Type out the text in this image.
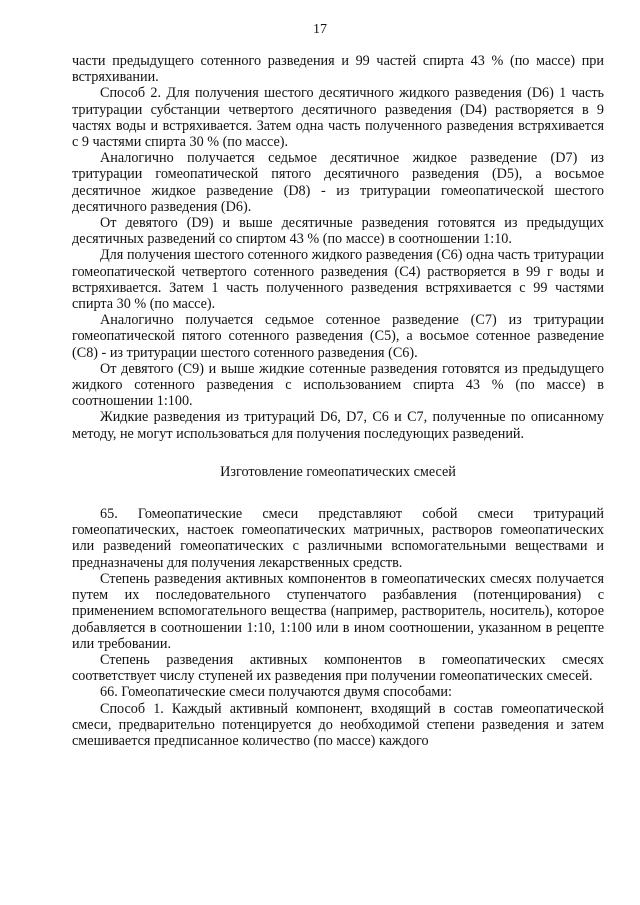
17

части предыдущего сотенного разведения и 99 частей спирта 43 % (по массе) при встряхивании.

Способ 2. Для получения шестого десятичного жидкого разведения (D6) 1 часть тритурации субстанции четвертого десятичного разведения (D4) растворяется в 9 частях воды и встряхивается. Затем одна часть полученного разведения встряхивается с 9 частями спирта 30 % (по массе).

Аналогично получается седьмое десятичное жидкое разведение (D7) из тритурации гомеопатической пятого десятичного разведения (D5), а восьмое десятичное жидкое разведение (D8) - из тритурации гомеопатической шестого десятичного разведения (D6).

От девятого (D9) и выше десятичные разведения готовятся из предыдущих десятичных разведений со спиртом 43 % (по массе) в соотношении 1:10.

Для получения шестого сотенного жидкого разведения (С6) одна часть тритурации гомеопатической четвертого сотенного разведения (С4) растворяется в 99 г воды и встряхивается. Затем 1 часть полученного разведения встряхивается с 99 частями спирта 30 % (по массе).

Аналогично получается седьмое сотенное разведение (С7) из тритурации гомеопатической пятого сотенного разведения (С5), а восьмое сотенное разведение (С8) - из тритурации шестого сотенного разведения (С6).

От девятого (С9) и выше жидкие сотенные разведения готовятся из предыдущего жидкого сотенного разведения с использованием спирта 43 % (по массе) в соотношении 1:100.

Жидкие разведения из тритураций D6, D7, С6 и С7, полученные по описанному методу, не могут использоваться для получения последующих разведений.

Изготовление гомеопатических смесей

65. Гомеопатические смеси представляют собой смеси тритураций гомеопатических, настоек гомеопатических матричных, растворов гомеопатических или разведений гомеопатических с различными вспомогательными веществами и предназначены для получения лекарственных средств.

Степень разведения активных компонентов в гомеопатических смесях получается путем их последовательного ступенчатого разбавления (потенцирования) с применением вспомогательного вещества (например, растворитель, носитель), которое добавляется в соотношении 1:10, 1:100 или в ином соотношении, указанном в рецепте или требовании.

Степень разведения активных компонентов в гомеопатических смесях соответствует числу ступеней их разведения при получении гомеопатических смесей.

66. Гомеопатические смеси получаются двумя способами:

Способ 1. Каждый активный компонент, входящий в состав гомеопатической смеси, предварительно потенцируется до необходимой степени разведения и затем смешивается предписанное количество (по массе) каждого
